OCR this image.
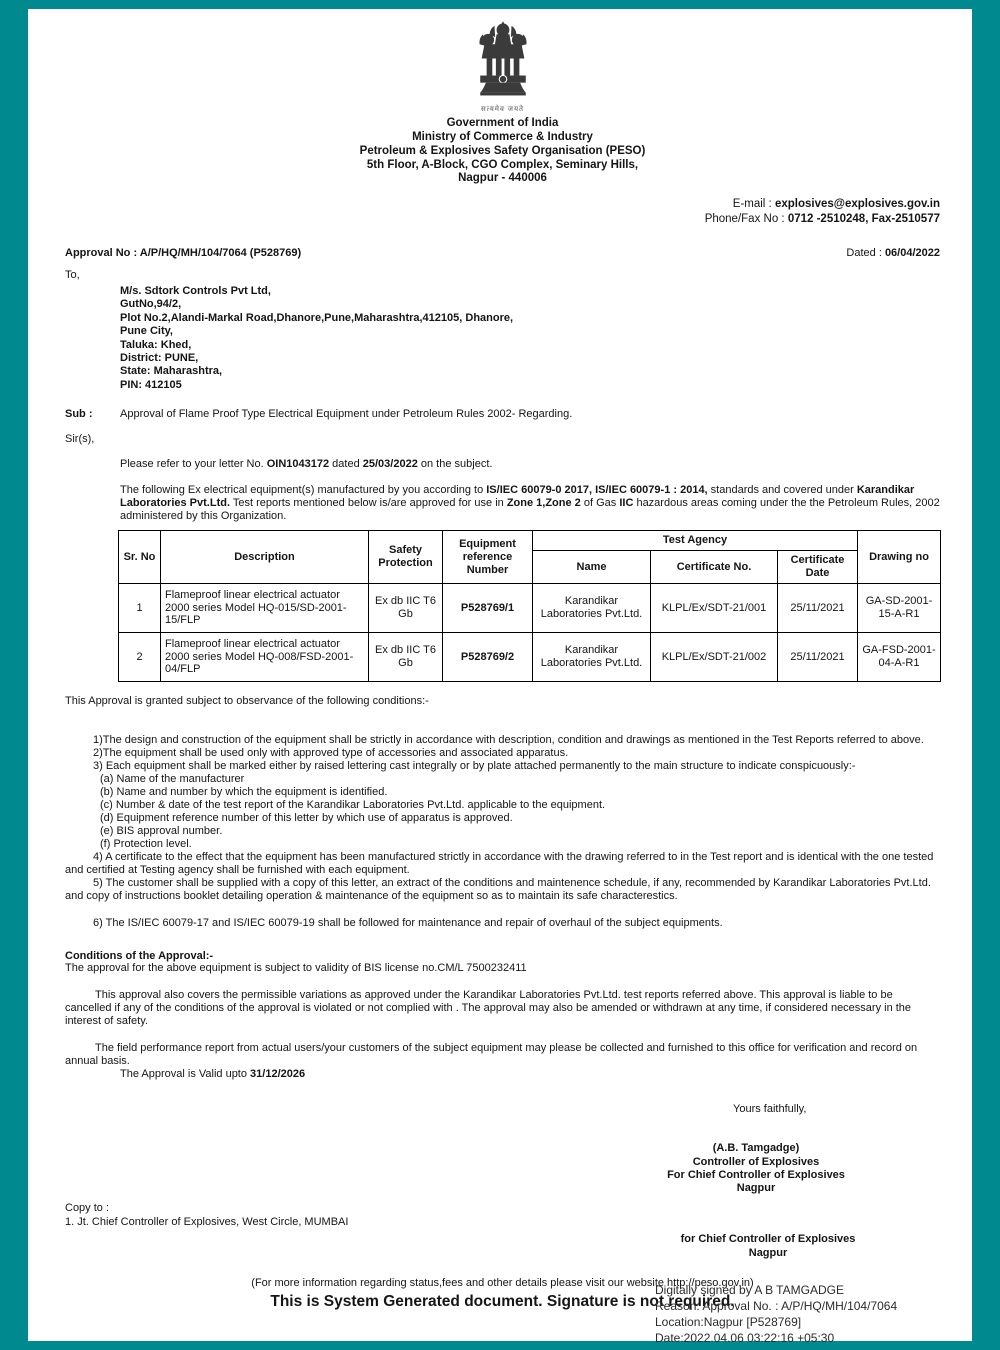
सत्यमेव जयते
Government of India
Ministry of Commerce & Industry
Petroleum & Explosives Safety Organisation (PESO)
5th Floor, A-Block, CGO Complex, Seminary Hills,
Nagpur - 440006
E-mail : explosives@explosives.gov.in
Phone/Fax No : 0712 -2510248, Fax-2510577
Approval No : A/P/HQ/MH/104/7064 (P528769)	Dated : 06/04/2022
To,
M/s. Sdtork Controls Pvt Ltd,
GutNo,94/2,
Plot No.2,Alandi-Markal Road,Dhanore,Pune,Maharashtra,412105, Dhanore,
Pune City,
Taluka: Khed,
District: PUNE,
State: Maharashtra,
PIN: 412105
Sub :	Approval of Flame Proof Type Electrical Equipment under Petroleum Rules 2002- Regarding.
Sir(s),
Please refer to your letter No. OIN1043172 dated 25/03/2022 on the subject.
The following Ex electrical equipment(s) manufactured by you according to IS/IEC 60079-0 2017, IS/IEC 60079-1 : 2014, standards and covered under Karandikar Laboratories Pvt.Ltd. Test reports mentioned below is/are approved for use in Zone 1,Zone 2 of Gas IIC hazardous areas coming under the the Petroleum Rules, 2002 administered by this Organization.
Sr. No	Description	Safety Protection	Equipment reference Number	Test Agency			Drawing no
				Name	Certificate No.	Certificate Date	
1	Flameproof linear electrical actuator 2000 series Model HQ-015/SD-2001-15/FLP	Ex db IIC T6 Gb	P528769/1	Karandikar Laboratories Pvt.Ltd.	KLPL/Ex/SDT-21/001	25/11/2021	GA-SD-2001-15-A-R1
2	Flameproof linear electrical actuator 2000 series Model HQ-008/FSD-2001-04/FLP	Ex db IIC T6 Gb	P528769/2	Karandikar Laboratories Pvt.Ltd.	KLPL/Ex/SDT-21/002	25/11/2021	GA-FSD-2001-04-A-R1
This Approval is granted subject to observance of the following conditions:-
1)The design and construction of the equipment shall be strictly in accordance with description, condition and drawings as mentioned in the Test Reports referred to above.
2)The equipment shall be used only with approved type of accessories and associated apparatus.
3) Each equipment shall be marked either by raised lettering cast integrally or by plate attached permanently to the main structure to indicate conspicuously:-
(a) Name of the manufacturer
(b) Name and number by which the equipment is identified.
(c) Number & date of the test report of the Karandikar Laboratories Pvt.Ltd. applicable to the equipment.
(d) Equipment reference number of this letter by which use of apparatus is approved.
(e) BIS approval number.
(f) Protection level.
4) A certificate to the effect that the equipment has been manufactured strictly in accordance with the drawing referred to in the Test report and is identical with the one tested and certified at Testing agency shall be furnished with each equipment.
5) The customer shall be supplied with a copy of this letter, an extract of the conditions and maintenence schedule, if any, recommended by Karandikar Laboratories Pvt.Ltd. and copy of instructions booklet detailing operation & maintenance of the equipment so as to maintain its safe characterestics.
6) The IS/IEC 60079-17 and IS/IEC 60079-19 shall be followed for maintenance and repair of overhaul of the subject equipments.
Conditions of the Approval:-
The approval for the above equipment is subject to validity of BIS license no.CM/L 7500232411
This approval also covers the permissible variations as approved under the Karandikar Laboratories Pvt.Ltd. test reports referred above. This approval is liable to be cancelled if any of the conditions of the approval is violated or not complied with . The approval may also be amended or withdrawn at any time, if considered necessary in the interest of safety.
The field performance report from actual users/your customers of the subject equipment may please be collected and furnished to this office for verification and record on annual basis.
The Approval is Valid upto 31/12/2026
Yours faithfully,
(A.B. Tamgadge)
Controller of Explosives
For Chief Controller of Explosives
Nagpur
Copy to :
1. Jt. Chief Controller of Explosives, West Circle, MUMBAI
for Chief Controller of Explosives
Nagpur
(For more information regarding status,fees and other details please visit our website http://peso.gov.in)
This is System Generated document. Signature is not required.
Digitally signed by A B TAMGADGE
Reason: Approval No. : A/P/HQ/MH/104/7064
Location:Nagpur [P528769]
Date:2022.04.06 03:22:16 +05:30
